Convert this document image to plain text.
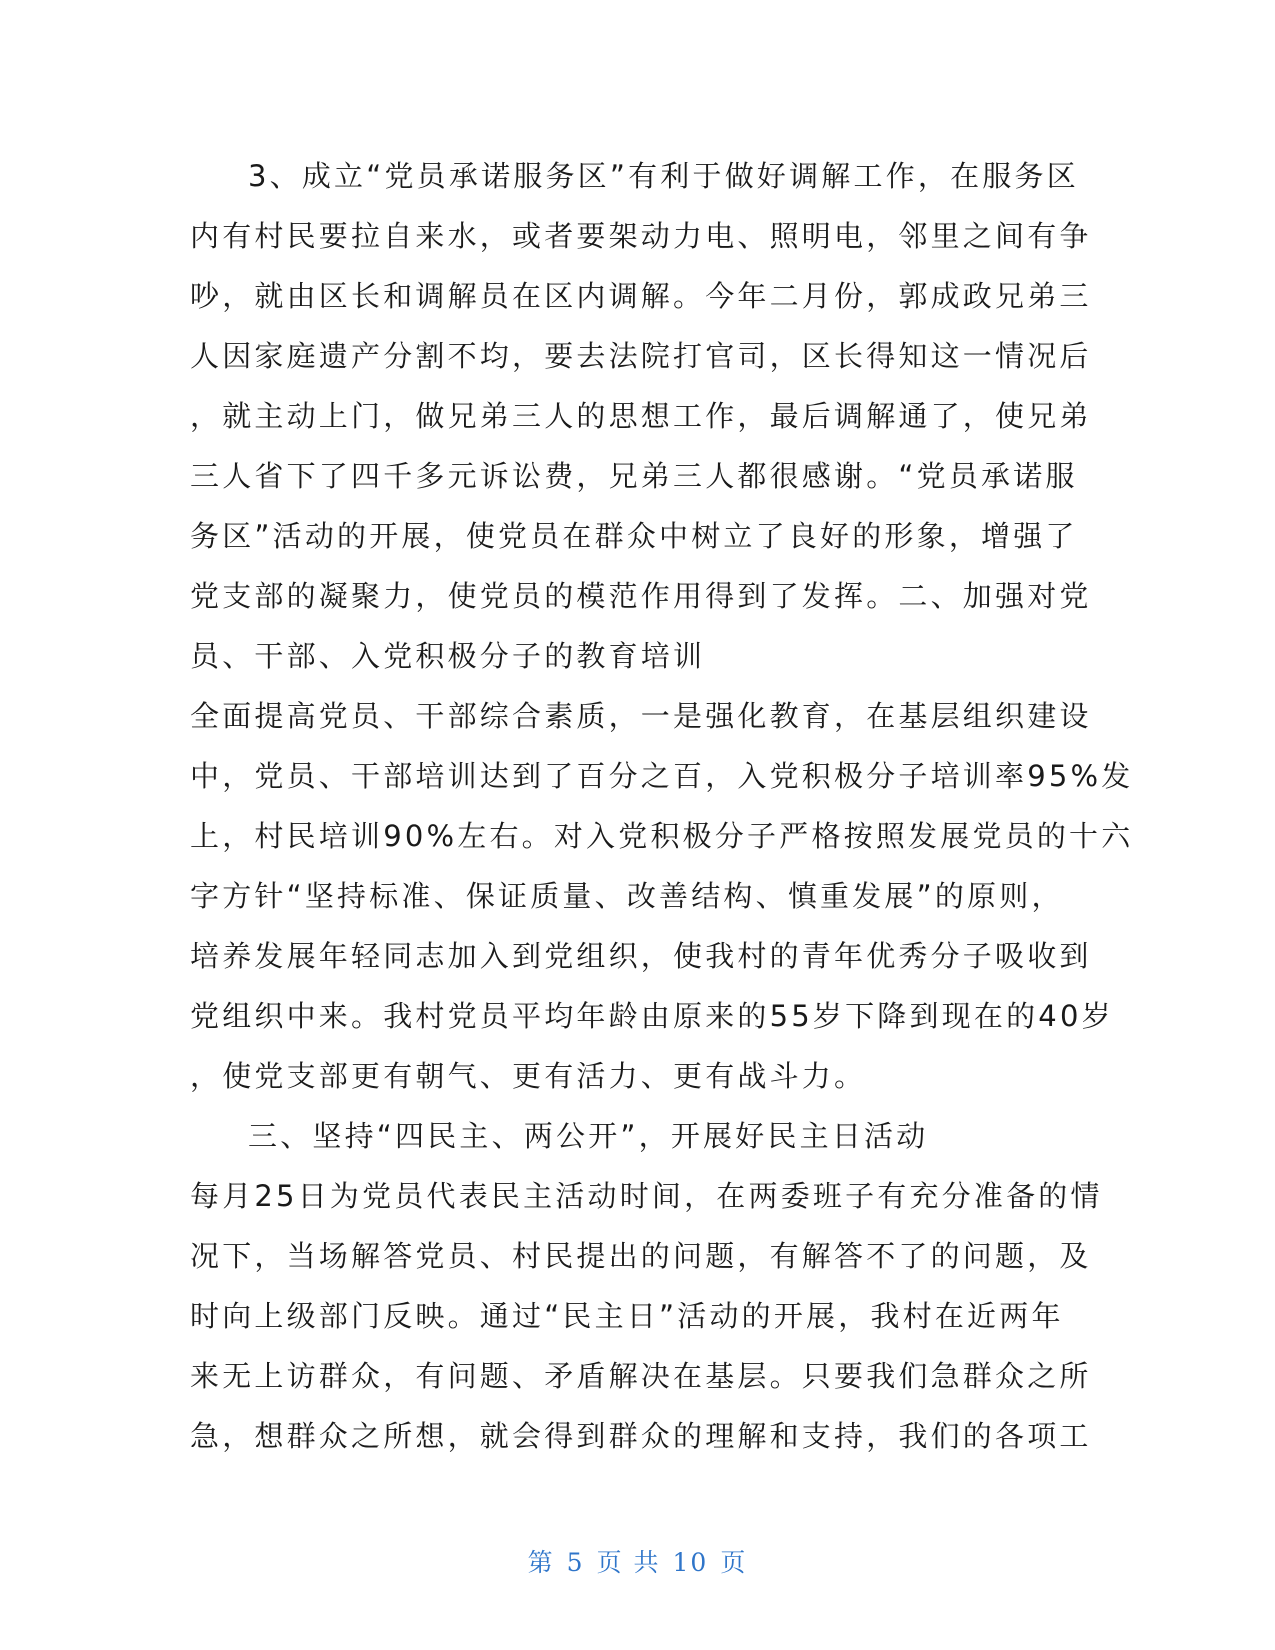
3、成立“党员承诺服务区”有利于做好调解工作，在服务区
内有村民要拉自来水，或者要架动力电、照明电，邻里之间有争
吵，就由区长和调解员在区内调解。今年二月份，郭成政兄弟三
人因家庭遗产分割不均，要去法院打官司，区长得知这一情况后
，就主动上门，做兄弟三人的思想工作，最后调解通了，使兄弟
三人省下了四千多元诉讼费，兄弟三人都很感谢。“党员承诺服
务区”活动的开展，使党员在群众中树立了良好的形象，增强了
党支部的凝聚力，使党员的模范作用得到了发挥。二、加强对党
员、干部、入党积极分子的教育培训
全面提高党员、干部综合素质，一是强化教育，在基层组织建设
中，党员、干部培训达到了百分之百，入党积极分子培训率95%发
上，村民培训90%左右。对入党积极分子严格按照发展党员的十六
字方针“坚持标准、保证质量、改善结构、慎重发展”的原则，
培养发展年轻同志加入到党组织，使我村的青年优秀分子吸收到
党组织中来。我村党员平均年龄由原来的55岁下降到现在的40岁
，使党支部更有朝气、更有活力、更有战斗力。
三、坚持“四民主、两公开”，开展好民主日活动
每月25日为党员代表民主活动时间，在两委班子有充分准备的情
况下，当场解答党员、村民提出的问题，有解答不了的问题，及
时向上级部门反映。通过“民主日”活动的开展，我村在近两年
来无上访群众，有问题、矛盾解决在基层。只要我们急群众之所
急，想群众之所想，就会得到群众的理解和支持，我们的各项工
第 5 页 共 10 页
